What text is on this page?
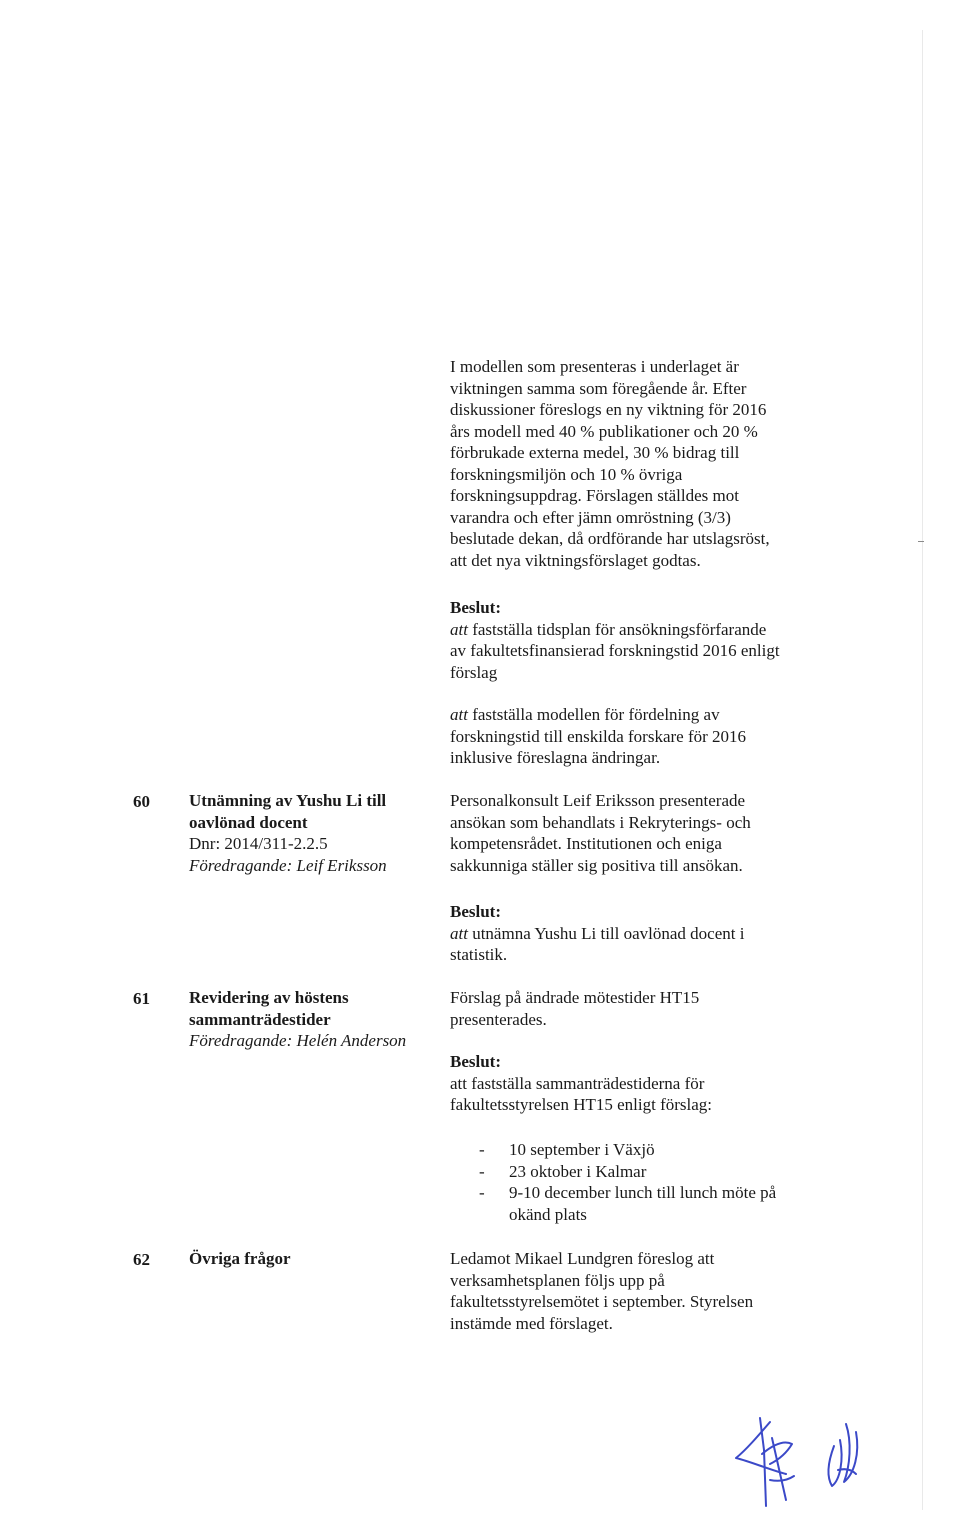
I modellen som presenteras i underlaget är

viktningen samma som föregående år. Efter

diskussioner föreslogs en ny viktning för 2016

års modell med 40 % publikationer och 20 %

förbrukade externa medel, 30 % bidrag till

forskningsmiljön och 10 % övriga

forskningsuppdrag. Förslagen ställdes mot

varandra och efter jämn omröstning (3/3)

beslutade dekan, då ordförande har utslagsröst,

att det nya viktningsförslaget godtas.

Beslut:

att fastställa tidsplan för ansökningsförfarande

av fakultetsfinansierad forskningstid 2016 enligt

förslag

att fastställa modellen för fördelning av

forskningstid till enskilda forskare för 2016

inklusive föreslagna ändringar.

60 Utnämning av Yushu Li till
oavlönad docent
Dnr: 2014/311-2.2.5
Föredragande: Leif Eriksson

Personalkonsult Leif Eriksson presenterade

ansökan som behandlats i Rekryterings- och

kompetensrådet. Institutionen och eniga

sakkunniga ställer sig positiva till ansökan.

Beslut:

att utnämna Yushu Li till oavlönad docent i

statistik.

61 Revidering av höstens
sammanträdestider
Föredragande: Helén Anderson

Förslag på ändrade mötestider HT15

presenterades.

Beslut:

att fastställa sammanträdestiderna för

fakultetsstyrelsen HT15 enligt förslag:

- 10 september i Växjö
- 23 oktober i Kalmar
- 9-10 december lunch till lunch möte på okänd plats
62 Övriga frågor	Ledamot Mikael Lundgren föreslog att

verksamhetsplanen följs upp på

fakultetsstyrelsemötet i september. Styrelsen

instämde med förslaget.
